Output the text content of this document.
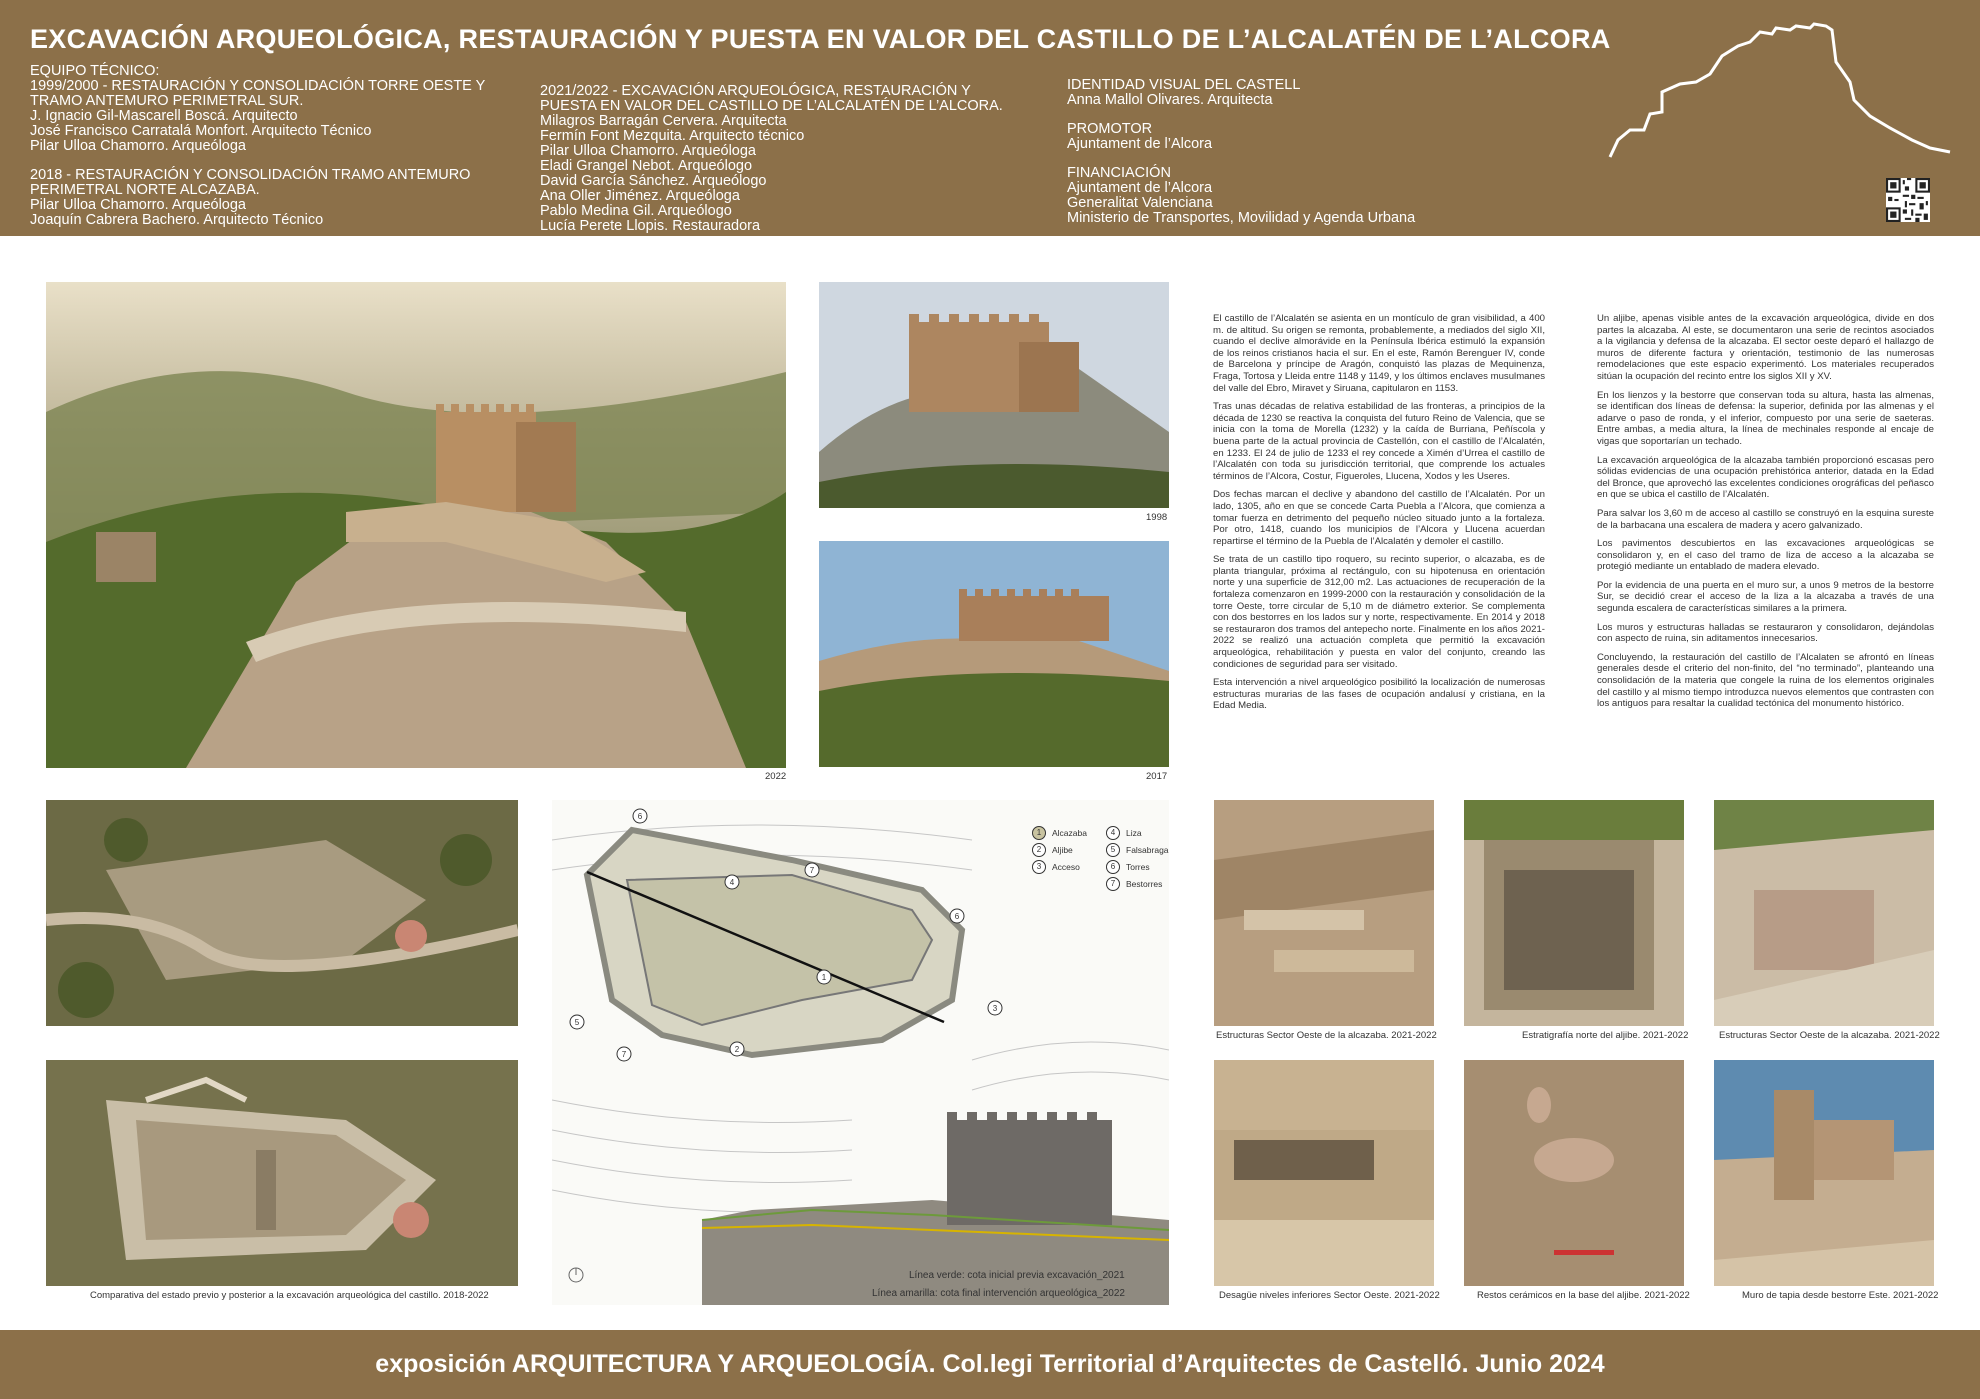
EXCAVACIÓN ARQUEOLÓGICA, RESTAURACIÓN Y PUESTA EN VALOR DEL CASTILLO DE L’ALCALATÉN DE L’ALCORA
EQUIPO TÉCNICO:
1999/2000 - RESTAURACIÓN Y CONSOLIDACIÓN TORRE OESTE Y
TRAMO ANTEMURO PERIMETRAL SUR.
J. Ignacio Gil-Mascarell Boscá. Arquitecto
José Francisco Carratalá Monfort. Arquitecto Técnico
Pilar Ulloa Chamorro. Arqueóloga
2018 - RESTAURACIÓN Y CONSOLIDACIÓN TRAMO ANTEMURO
PERIMETRAL NORTE ALCAZABA.
Pilar Ulloa Chamorro. Arqueóloga
Joaquín Cabrera Bachero. Arquitecto Técnico
2021/2022 - EXCAVACIÓN ARQUEOLÓGICA, RESTAURACIÓN Y
PUESTA EN VALOR DEL CASTILLO DE L’ALCALATÉN DE L’ALCORA.
Milagros Barragán Cervera. Arquitecta
Fermín Font Mezquita. Arquitecto técnico
Pilar Ulloa Chamorro. Arqueóloga
Eladi Grangel Nebot. Arqueólogo
David García Sánchez. Arqueólogo
Ana Oller Jiménez. Arqueóloga
Pablo Medina Gil. Arqueólogo
Lucía Perete Llopis. Restauradora
IDENTIDAD VISUAL DEL CASTELL
Anna Mallol Olivares. Arquitecta
PROMOTOR
Ajuntament de l’Alcora
FINANCIACIÓN
Ajuntament de l’Alcora
Generalitat Valenciana
Ministerio de Transportes, Movilidad y Agenda Urbana
2022
1998
2017

El castillo de l’Alcalatén se asienta en un montículo de gran visibilidad, a 400 m. de altitud. Su origen se remonta, probablemente, a mediados del siglo XII, cuando el declive almorávide en la Península Ibérica estimuló la expansión de los reinos cristianos hacia el sur. En el este, Ramón Berenguer IV, conde de Barcelona y príncipe de Aragón, conquistó las plazas de Mequinenza, Fraga, Tortosa y Lleida entre 1148 y 1149, y los últimos enclaves musulmanes del valle del Ebro, Miravet y Siruana, capitularon en 1153.

Tras unas décadas de relativa estabilidad de las fronteras, a principios de la década de 1230 se reactiva la conquista del futuro Reino de Valencia, que se inicia con la toma de Morella (1232) y la caída de Burriana, Peñíscola y buena parte de la actual provincia de Castellón, con el castillo de l’Alcalatén, en 1233. El 24 de julio de 1233 el rey concede a Ximén d’Urrea el castillo de l’Alcalatén con toda su jurisdicción territorial, que comprende los actuales términos de l’Alcora, Costur, Figueroles, Llucena, Xodos y les Useres.

Dos fechas marcan el declive y abandono del castillo de l’Alcalatén. Por un lado, 1305, año en que se concede Carta Puebla a l’Alcora, que comienza a tomar fuerza en detrimento del pequeño núcleo situado junto a la fortaleza. Por otro, 1418, cuando los municipios de l’Alcora y Llucena acuerdan repartirse el término de la Puebla de l’Alcalatén y demoler el castillo.

Se trata de un castillo tipo roquero, su recinto superior, o alcazaba, es de planta triangular, próxima al rectángulo, con su hipotenusa en orientación norte y una superficie de 312,00 m2. Las actuaciones de recuperación de la fortaleza comenzaron en 1999-2000 con la restauración y consolidación de la torre Oeste, torre circular de 5,10 m de diámetro exterior. Se complementa con dos bestorres en los lados sur y norte, respectivamente. En 2014 y 2018 se restauraron dos tramos del antepecho norte. Finalmente en los años 2021-2022 se realizó una actuación completa que permitió la excavación arqueológica, rehabilitación y puesta en valor del conjunto, creando las condiciones de seguridad para ser visitado.

Esta intervención a nivel arqueológico posibilitó la localización de numerosas estructuras murarias de las fases de ocupación andalusí y cristiana, en la Edad Media.

Un aljibe, apenas visible antes de la excavación arqueológica, divide en dos partes la alcazaba. Al este, se documentaron una serie de recintos asociados a la vigilancia y defensa de la alcazaba. El sector oeste deparó el hallazgo de muros de diferente factura y orientación, testimonio de las numerosas remodelaciones que este espacio experimentó. Los materiales recuperados sitúan la ocupación del recinto entre los siglos XII y XV.

En los lienzos y la bestorre que conservan toda su altura, hasta las almenas, se identifican dos líneas de defensa: la superior, definida por las almenas y el adarve o paso de ronda, y el inferior, compuesto por una serie de saeteras. Entre ambas, a media altura, la línea de mechinales responde al encaje de vigas que soportarían un techado.

La excavación arqueológica de la alcazaba también proporcionó escasas pero sólidas evidencias de una ocupación prehistórica anterior, datada en la Edad del Bronce, que aprovechó las excelentes condiciones orográficas del peñasco en que se ubica el castillo de l’Alcalatén.

Para salvar los 3,60 m de acceso al castillo se construyó en la esquina sureste de la barbacana una escalera de madera y acero galvanizado.

Los pavimentos descubiertos en las excavaciones arqueológicas se consolidaron y, en el caso del tramo de liza de acceso a la alcazaba se protegió mediante un entablado de madera elevado.

Por la evidencia de una puerta en el muro sur, a unos 9 metros de la bestorre Sur, se decidió crear el acceso de la liza a la alcazaba a través de una segunda escalera de características similares a la primera.

Los muros y estructuras halladas se restauraron y consolidaron, dejándolas con aspecto de ruina, sin aditamentos innecesarios.

Concluyendo, la restauración del castillo de l’Alcalaten se afrontó en líneas generales desde el criterio del non-finito, del “no terminado”, planteando una consolidación de la materia que congele la ruina de los elementos originales del castillo y al mismo tiempo introduzca nuevos elementos que contrasten con los antiguos para resaltar la cualidad tectónica del monumento histórico.

Comparativa del estado previo y posterior a la excavación arqueológica del castillo. 2018-2022
6
7
4
6
1
3
5
7
2
1	Alcazaba
2	Aljibe
3	Acceso
4	Liza
5	Falsabraga
6	Torres
7	Bestorres
Línea verde: cota inicial previa excavación_2021
Línea amarilla: cota final intervención arqueológica_2022
Estructuras Sector Oeste de la alcazaba. 2021-2022	Estratigrafía norte del aljibe. 2021-2022	Estructuras Sector Oeste de la alcazaba. 2021-2022
Desagüe niveles inferiores Sector Oeste. 2021-2022	Restos cerámicos en la base del aljibe. 2021-2022	Muro de tapia desde bestorre Este. 2021-2022
exposición ARQUITECTURA Y ARQUEOLOGÍA. Col.legi Territorial d’Arquitectes de Castelló. Junio 2024
